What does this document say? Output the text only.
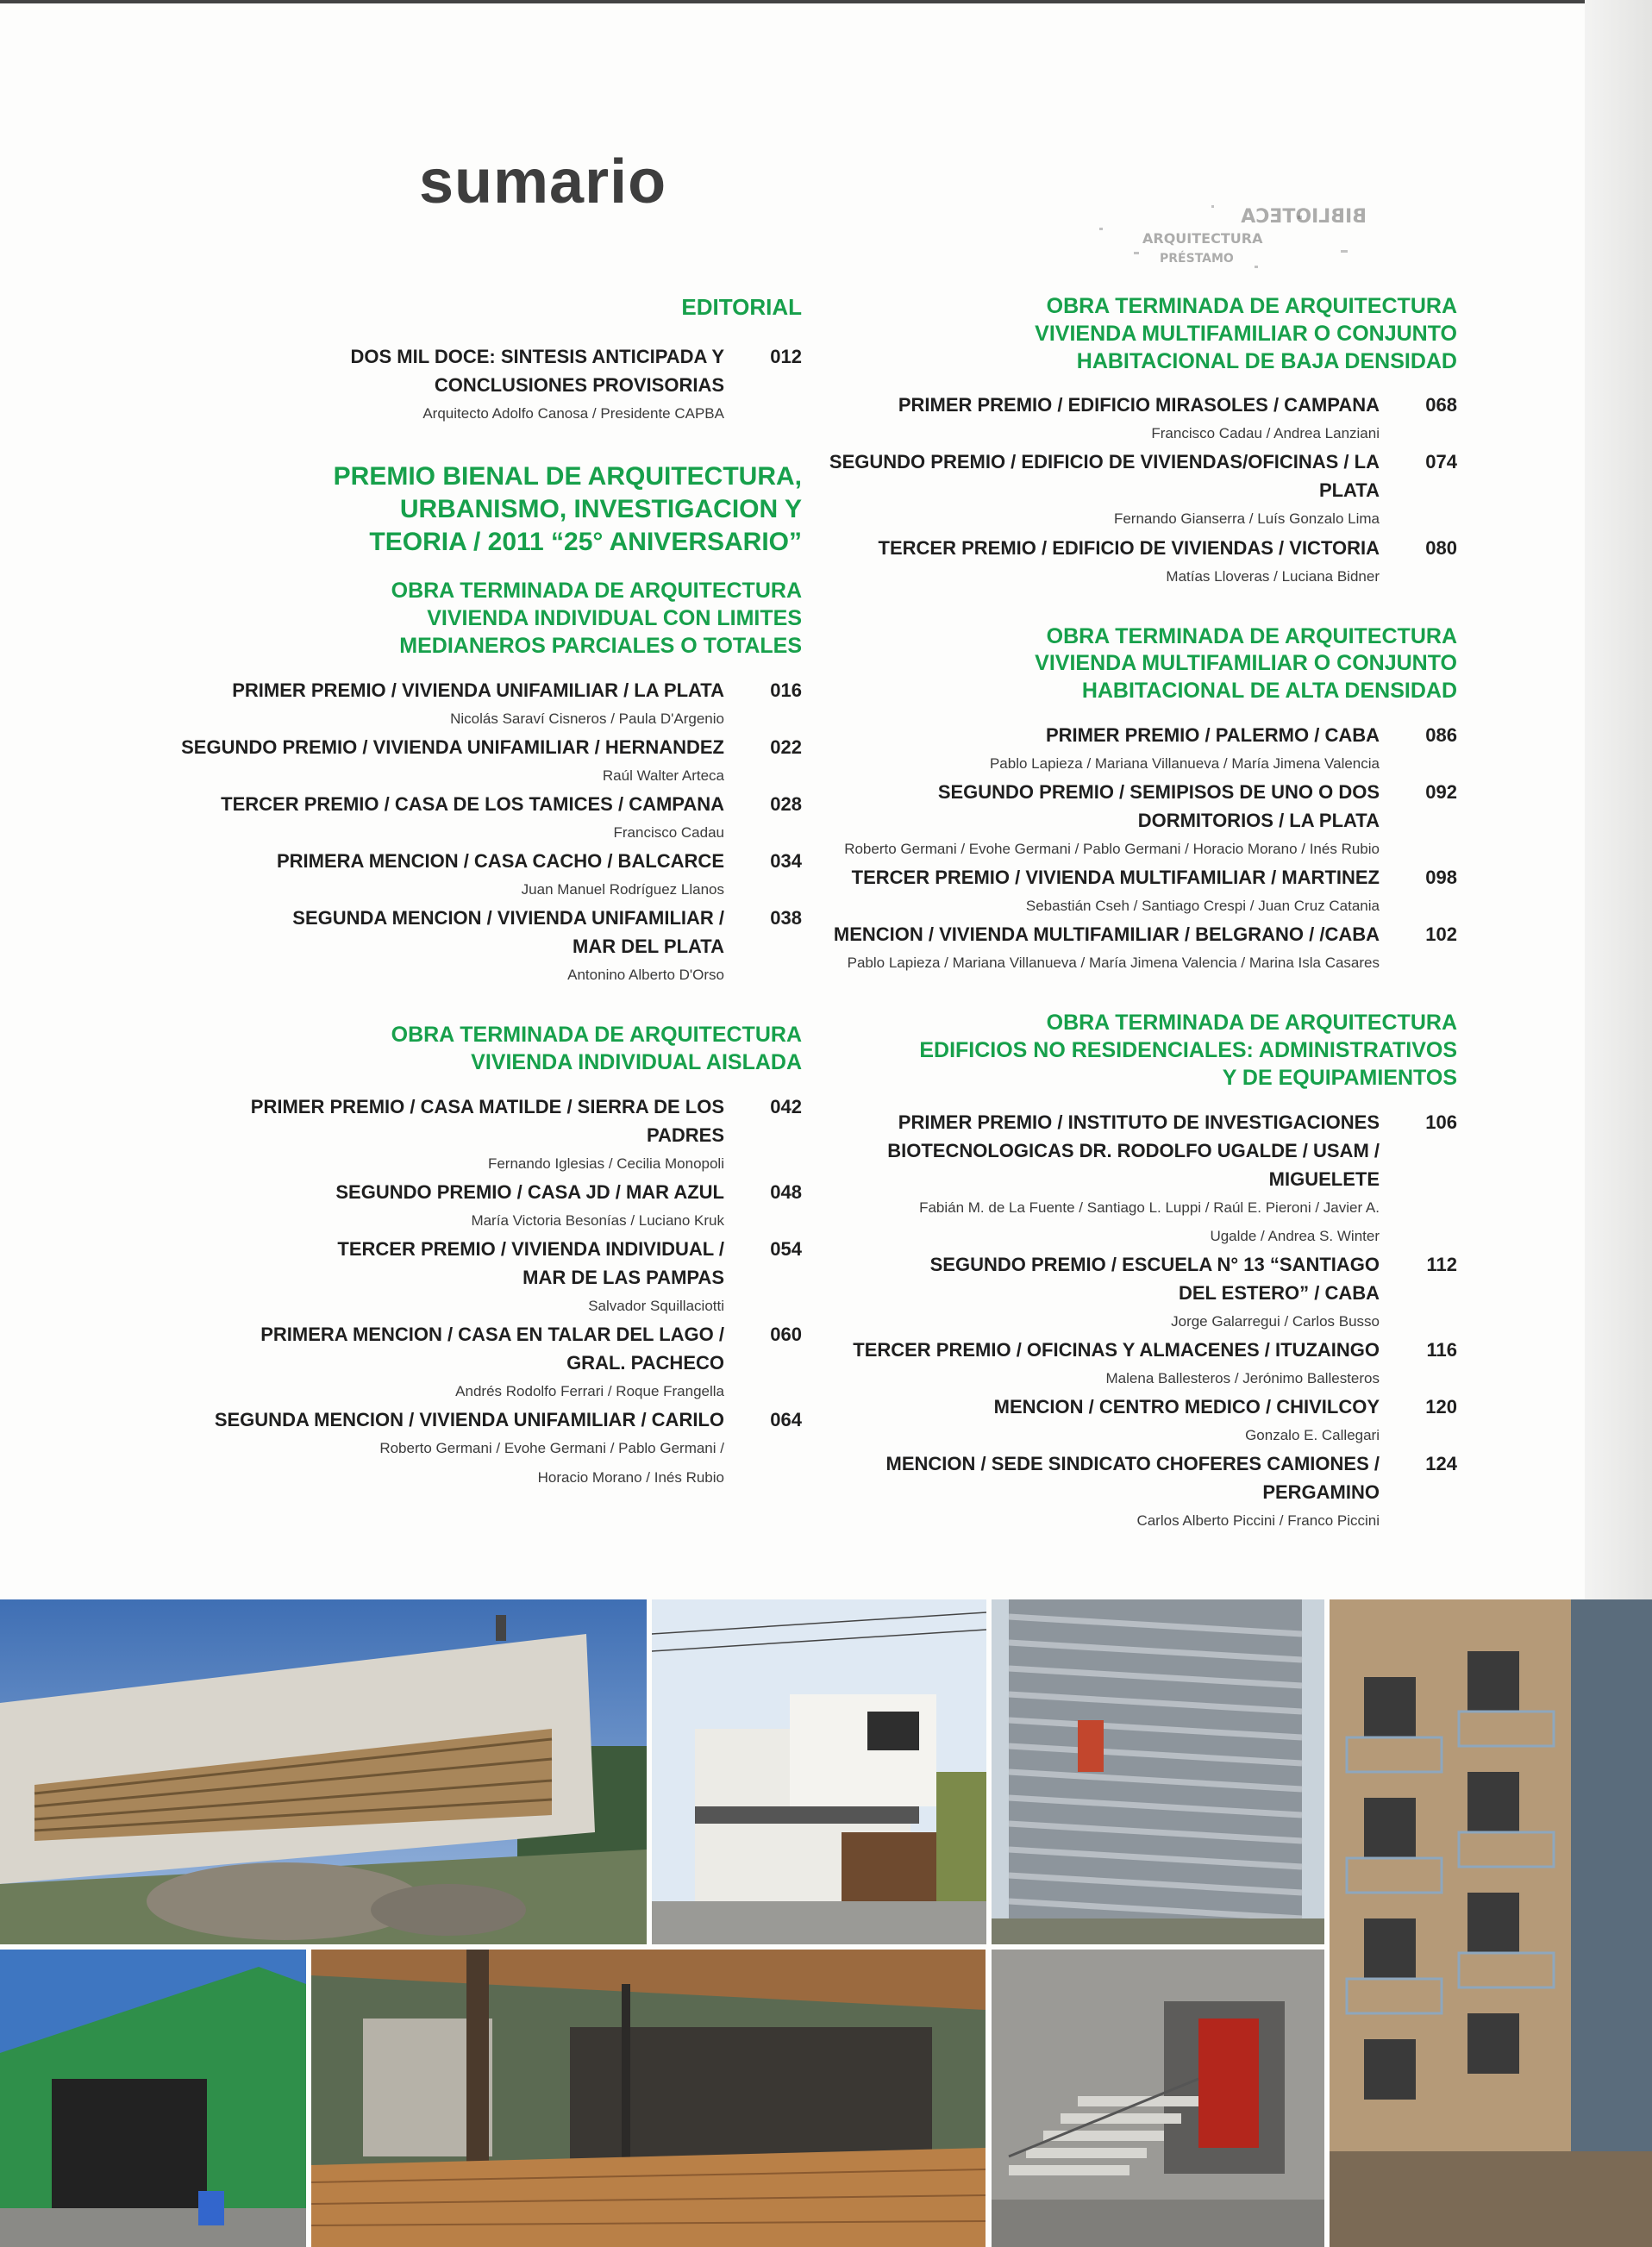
sumario
BIBLIOTECA
ARQUITECTURA
PRÉSTAMO
EDITORIAL
DOS MIL DOCE: SINTESIS ANTICIPADA Y
CONCLUSIONES PROVISORIAS
Arquitecto Adolfo Canosa / Presidente CAPBA
012
PREMIO BIENAL DE ARQUITECTURA,
URBANISMO, INVESTIGACION Y
TEORIA / 2011 “25° ANIVERSARIO”
OBRA TERMINADA DE ARQUITECTURA
VIVIENDA INDIVIDUAL CON LIMITES
MEDIANEROS PARCIALES O TOTALES
PRIMER PREMIO / VIVIENDA UNIFAMILIAR / LA PLATA
Nicolás Saraví Cisneros / Paula D'Argenio
016
SEGUNDO PREMIO / VIVIENDA UNIFAMILIAR / HERNANDEZ
Raúl Walter Arteca
022
TERCER PREMIO / CASA DE LOS TAMICES / CAMPANA
Francisco Cadau
028
PRIMERA MENCION / CASA CACHO / BALCARCE
Juan Manuel Rodríguez Llanos
034
SEGUNDA MENCION / VIVIENDA UNIFAMILIAR /
MAR DEL PLATA
Antonino Alberto D'Orso
038
OBRA TERMINADA DE ARQUITECTURA
VIVIENDA INDIVIDUAL AISLADA
PRIMER PREMIO / CASA MATILDE / SIERRA DE LOS PADRES
Fernando Iglesias / Cecilia Monopoli
042
SEGUNDO PREMIO / CASA JD / MAR AZUL
María Victoria Besonías / Luciano Kruk
048
TERCER PREMIO / VIVIENDA INDIVIDUAL /
MAR DE LAS PAMPAS
Salvador Squillaciotti
054
PRIMERA MENCION / CASA EN TALAR DEL LAGO /
GRAL. PACHECO
Andrés Rodolfo Ferrari / Roque Frangella
060
SEGUNDA MENCION / VIVIENDA UNIFAMILIAR / CARILO
Roberto Germani / Evohe Germani / Pablo Germani /
Horacio Morano / Inés Rubio
064
OBRA TERMINADA DE ARQUITECTURA
VIVIENDA MULTIFAMILIAR O CONJUNTO
HABITACIONAL DE BAJA DENSIDAD
PRIMER PREMIO / EDIFICIO MIRASOLES / CAMPANA
Francisco Cadau / Andrea Lanziani
068
SEGUNDO PREMIO / EDIFICIO DE VIVIENDAS/OFICINAS / LA PLATA
Fernando Gianserra / Luís Gonzalo Lima
074
TERCER PREMIO / EDIFICIO DE VIVIENDAS / VICTORIA
Matías Lloveras / Luciana Bidner
080
OBRA TERMINADA DE ARQUITECTURA
VIVIENDA MULTIFAMILIAR O CONJUNTO
HABITACIONAL DE ALTA DENSIDAD
PRIMER PREMIO / PALERMO / CABA
Pablo Lapieza / Mariana Villanueva / María Jimena Valencia
086
SEGUNDO PREMIO / SEMIPISOS DE UNO O DOS
DORMITORIOS / LA PLATA
Roberto Germani / Evohe Germani / Pablo Germani / Horacio Morano / Inés Rubio
092
TERCER PREMIO / VIVIENDA MULTIFAMILIAR / MARTINEZ
Sebastián Cseh / Santiago Crespi / Juan Cruz Catania
098
MENCION / VIVIENDA MULTIFAMILIAR / BELGRANO / /CABA
Pablo Lapieza / Mariana Villanueva / María Jimena Valencia / Marina Isla Casares
102
OBRA TERMINADA DE ARQUITECTURA
EDIFICIOS NO RESIDENCIALES: ADMINISTRATIVOS
Y DE EQUIPAMIENTOS
PRIMER PREMIO / INSTITUTO DE INVESTIGACIONES
BIOTECNOLOGICAS DR. RODOLFO UGALDE / USAM / MIGUELETE
Fabián M. de La Fuente / Santiago L. Luppi / Raúl E. Pieroni / Javier A.
Ugalde / Andrea S. Winter
106
SEGUNDO PREMIO / ESCUELA N° 13 “SANTIAGO
DEL ESTERO” / CABA
Jorge Galarregui / Carlos Busso
112
TERCER PREMIO / OFICINAS Y ALMACENES / ITUZAINGO
Malena Ballesteros / Jerónimo Ballesteros
116
MENCION / CENTRO MEDICO / CHIVILCOY
Gonzalo E. Callegari
120
MENCION / SEDE SINDICATO CHOFERES CAMIONES / PERGAMINO
Carlos Alberto Piccini / Franco Piccini
124
